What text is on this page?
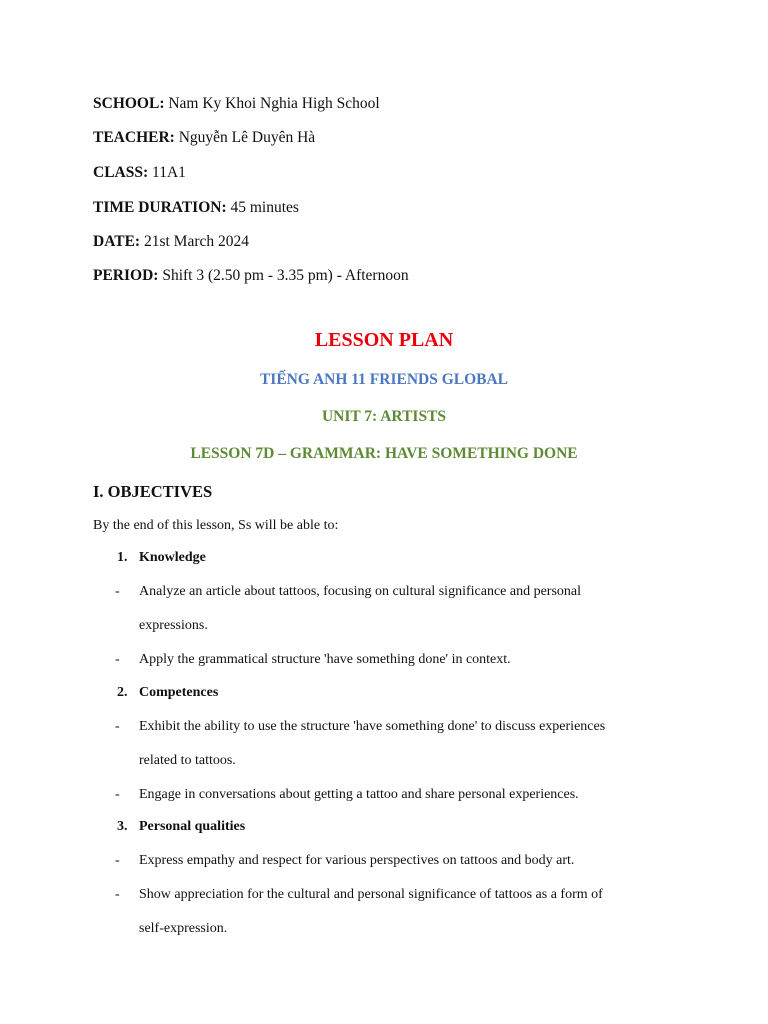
SCHOOL: Nam Ky Khoi Nghia High School
TEACHER: Nguyễn Lê Duyên Hà
CLASS: 11A1
TIME DURATION: 45 minutes
DATE: 21st March 2024
PERIOD: Shift 3 (2.50 pm - 3.35 pm) - Afternoon
LESSON PLAN
TIẾNG ANH 11 FRIENDS GLOBAL
UNIT 7: ARTISTS
LESSON 7D – GRAMMAR: HAVE SOMETHING DONE
I. OBJECTIVES
By the end of this lesson, Ss will be able to:
1. Knowledge
- Analyze an article about tattoos, focusing on cultural significance and personal
expressions.
- Apply the grammatical structure 'have something done' in context.
2. Competences
- Exhibit the ability to use the structure 'have something done' to discuss experiences
related to tattoos.
- Engage in conversations about getting a tattoo and share personal experiences.
3. Personal qualities
- Express empathy and respect for various perspectives on tattoos and body art.
- Show appreciation for the cultural and personal significance of tattoos as a form of
self-expression.
